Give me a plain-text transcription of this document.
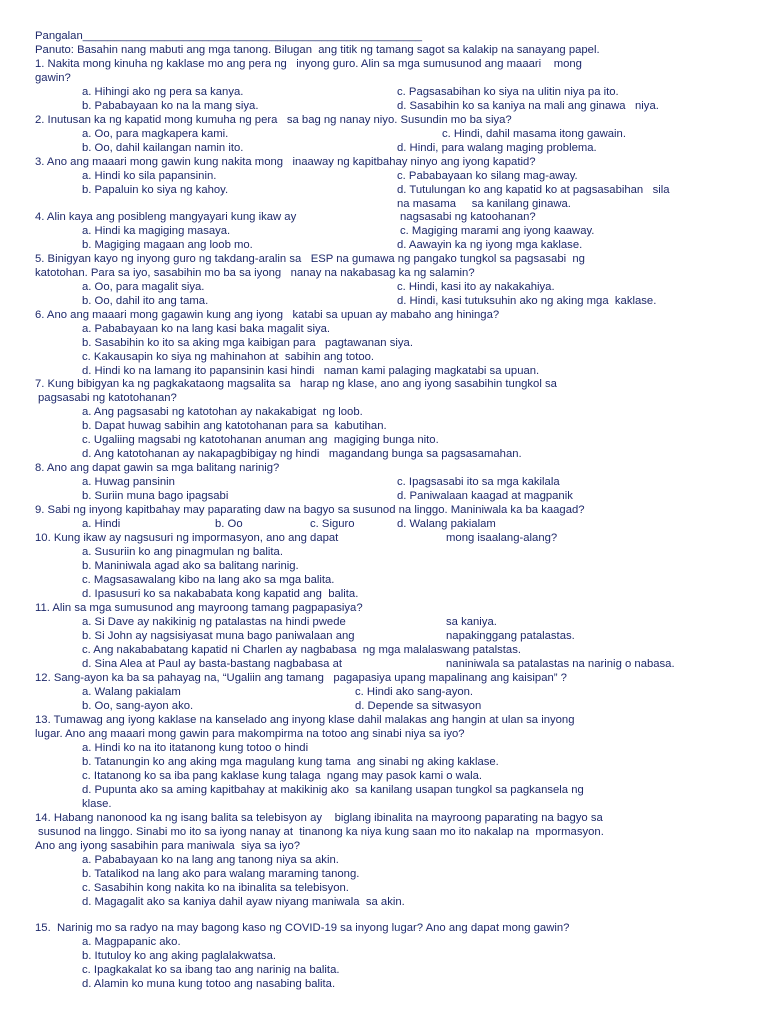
Pangalan______________________________________________________
Panuto: Basahin nang mabuti ang mga tanong. Bilugan  ang titik ng tamang sagot sa kalakip na sanayang papel.
1. Nakita mong kinuha ng kaklase mo ang pera ng   inyong guro. Alin sa mga sumusunod ang maaari    mong
gawin?
a. Hihingi ako ng pera sa kanya.	c. Pagsasabihan ko siya na ulitin niya pa ito.
b. Pababayaan ko na la mang siya.	d. Sasabihin ko sa kaniya na mali ang ginawa   niya.
2. Inutusan ka ng kapatid mong kumuha ng pera   sa bag ng nanay niyo. Susundin mo ba siya?
a. Oo, para magkapera kami.	c. Hindi, dahil masama itong gawain.
b. Oo, dahil kailangan namin ito.	d. Hindi, para walang maging problema.
3. Ano ang maaari mong gawin kung nakita mong   inaaway ng kapitbahay ninyo ang iyong kapatid?
a. Hindi ko sila papansinin.	c. Pababayaan ko silang mag-away.
b. Papaluin ko siya ng kahoy.	d. Tutulungan ko ang kapatid ko at pagsasabihan   sila
na masama     sa kanilang ginawa.
4. Alin kaya ang posibleng mangyayari kung ikaw ay	nagsasabi ng katoohanan?
a. Hindi ka magiging masaya.	c. Magiging marami ang iyong kaaway.
b. Magiging magaan ang loob mo.	d. Aawayin ka ng iyong mga kaklase.
5. Binigyan kayo ng inyong guro ng takdang-aralin sa   ESP na gumawa ng pangako tungkol sa pagsasabi  ng
katotohan. Para sa iyo, sasabihin mo ba sa iyong   nanay na nakabasag ka ng salamin?
a. Oo, para magalit siya.	c. Hindi, kasi ito ay nakakahiya.
b. Oo, dahil ito ang tama.	d. Hindi, kasi tutuksuhin ako ng aking mga  kaklase.
6. Ano ang maaari mong gagawin kung ang iyong   katabi sa upuan ay mabaho ang hininga?
a. Pababayaan ko na lang kasi baka magalit siya.
b. Sasabihin ko ito sa aking mga kaibigan para   pagtawanan siya.
c. Kakausapin ko siya ng mahinahon at  sabihin ang totoo.
d. Hindi ko na lamang ito papansinin kasi hindi   naman kami palaging magkatabi sa upuan.
7. Kung bibigyan ka ng pagkakataong magsalita sa   harap ng klase, ano ang iyong sasabihin tungkol sa
pagsasabi ng katotohanan?
a. Ang pagsasabi ng katotohan ay nakakabigat  ng loob.
b. Dapat huwag sabihin ang katotohanan para sa  kabutihan.
c. Ugaliing magsabi ng katotohanan anuman ang  magiging bunga nito.
d. Ang katotohanan ay nakapagbibigay ng hindi   magandang bunga sa pagsasamahan.
8. Ano ang dapat gawin sa mga balitang narinig?
a. Huwag pansinin	c. Ipagsasabi ito sa mga kakilala
b. Suriin muna bago ipagsabi	d. Paniwalaan kaagad at magpanik
9. Sabi ng inyong kapitbahay may paparating daw na bagyo sa susunod na linggo. Maniniwala ka ba kaagad?
a. Hindi	b. Oo	c. Siguro	d. Walang pakialam
10. Kung ikaw ay nagsusuri ng impormasyon, ano ang dapat	mong isaalang-alang?
a. Susuriin ko ang pinagmulan ng balita.
b. Maniniwala agad ako sa balitang narinig.
c. Magsasawalang kibo na lang ako sa mga balita.
d. Ipasusuri ko sa nakababata kong kapatid ang  balita.
11. Alin sa mga sumusunod ang mayroong tamang pagpapasiya?
a. Si Dave ay nakikinig ng patalastas na hindi pwede	sa kaniya.
b. Si John ay nagsisiyasat muna bago paniwalaan ang	napakinggang patalastas.
c. Ang nakababatang kapatid ni Charlen ay nagbabasa  ng mga malalaswang patalstas.
d. Sina Alea at Paul ay basta-bastang nagbabasa at	naniniwala sa patalastas na narinig o nabasa.
12. Sang-ayon ka ba sa pahayag na, “Ugaliin ang tamang   pagapasiya upang mapalinang ang kaisipan” ?
a. Walang pakialam	c. Hindi ako sang-ayon.
b. Oo, sang-ayon ako.	d. Depende sa sitwasyon
13. Tumawag ang iyong kaklase na kanselado ang inyong klase dahil malakas ang hangin at ulan sa inyong
lugar. Ano ang maaari mong gawin para makompirma na totoo ang sinabi niya sa iyo?
a. Hindi ko na ito itatanong kung totoo o hindi
b. Tatanungin ko ang aking mga magulang kung tama  ang sinabi ng aking kaklase.
c. Itatanong ko sa iba pang kaklase kung talaga  ngang may pasok kami o wala.
d. Pupunta ako sa aming kapitbahay at makikinig ako  sa kanilang usapan tungkol sa pagkansela ng
klase.
14. Habang nanonood ka ng isang balita sa telebisyon ay    biglang ibinalita na mayroong paparating na bagyo sa
susunod na linggo. Sinabi mo ito sa iyong nanay at  tinanong ka niya kung saan mo ito nakalap na  mpormasyon.
Ano ang iyong sasabihin para maniwala  siya sa iyo?
a. Pababayaan ko na lang ang tanong niya sa akin.
b. Tatalikod na lang ako para walang maraming tanong.
c. Sasabihin kong nakita ko na ibinalita sa telebisyon.
d. Magagalit ako sa kaniya dahil ayaw niyang maniwala  sa akin.
15.  Narinig mo sa radyo na may bagong kaso ng COVID-19 sa inyong lugar? Ano ang dapat mong gawin?
a. Magpapanic ako.
b. Itutuloy ko ang aking paglalakwatsa.
c. Ipagkakalat ko sa ibang tao ang narinig na balita.
d. Alamin ko muna kung totoo ang nasabing balita.
